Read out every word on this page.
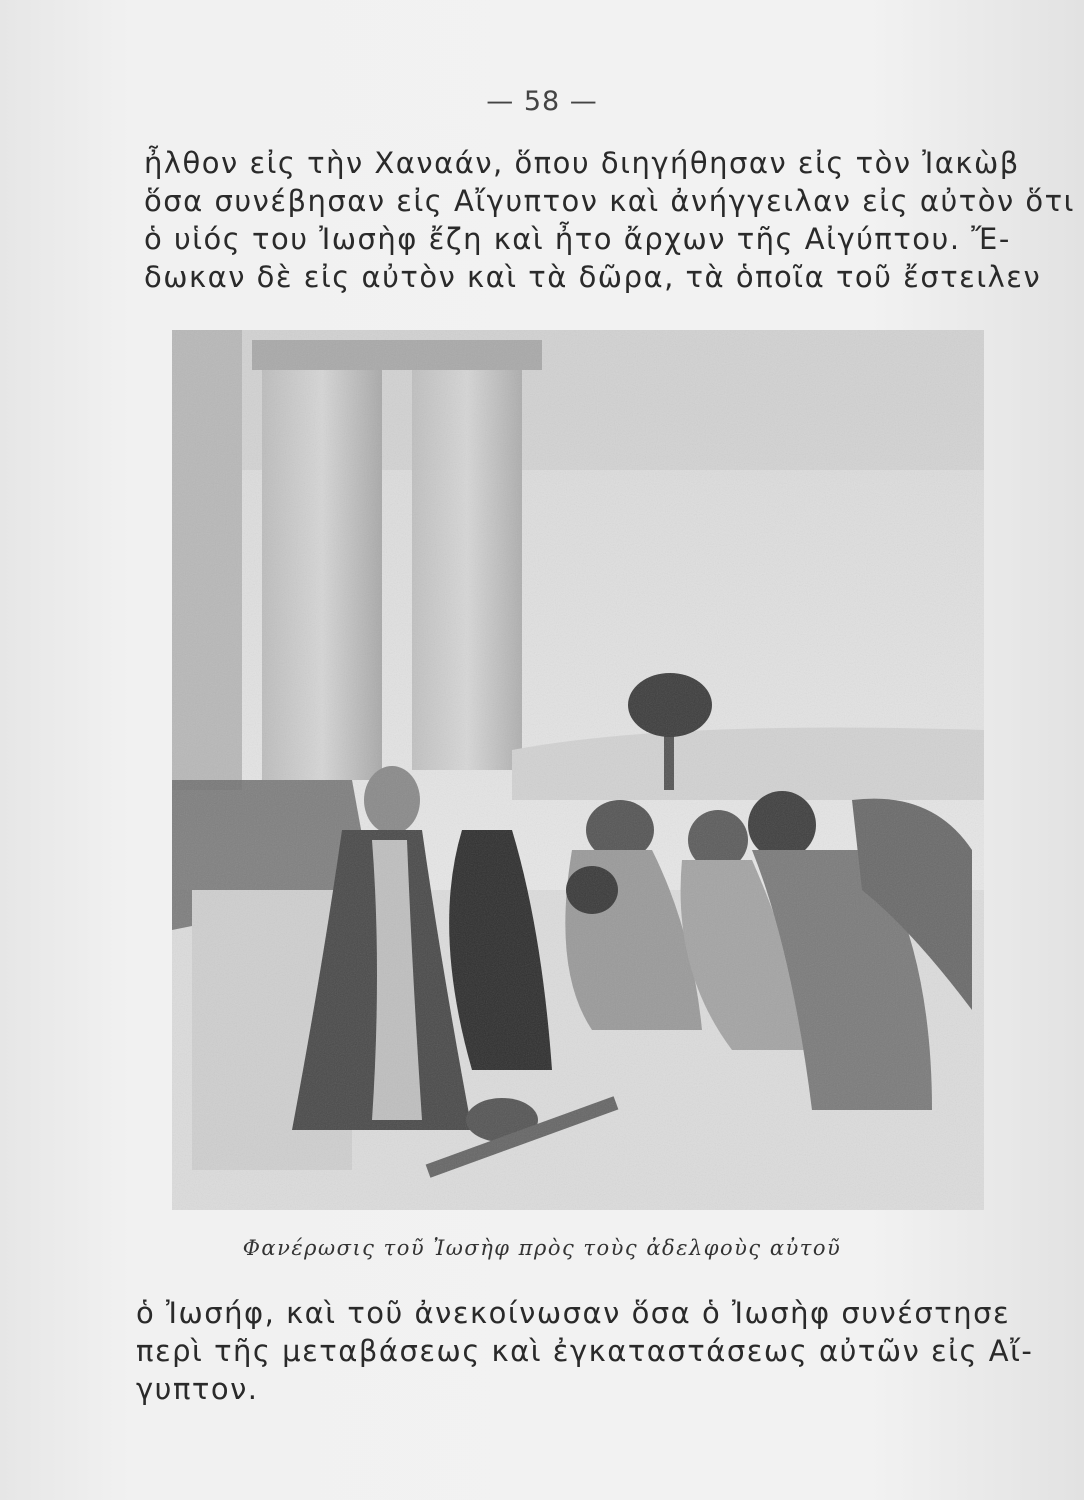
— 58 —
ἦλθον εἰς τὴν Χαναάν, ὅπου διηγήθησαν εἰς τὸν Ἰακὼβ
ὅσα συνέβησαν εἰς Αἴγυπτον καὶ ἀνήγγειλαν εἰς αὐτὸν ὅτι
ὁ υἱός του Ἰωσὴφ ἔζη καὶ ἦτο ἄρχων τῆς Αἰγύπτου. Ἔ-
δωκαν δὲ εἰς αὐτὸν καὶ τὰ δῶρα, τὰ ὁποῖα τοῦ ἔστειλεν
Φανέρωσις τοῦ Ἰωσὴφ πρὸς τοὺς ἀδελφοὺς αὐτοῦ
ὁ Ἰωσήφ, καὶ τοῦ ἀνεκοίνωσαν ὅσα ὁ Ἰωσὴφ συνέστησε
περὶ τῆς μεταβάσεως καὶ ἐγκαταστάσεως αὐτῶν εἰς Αἴ-
γυπτον.
